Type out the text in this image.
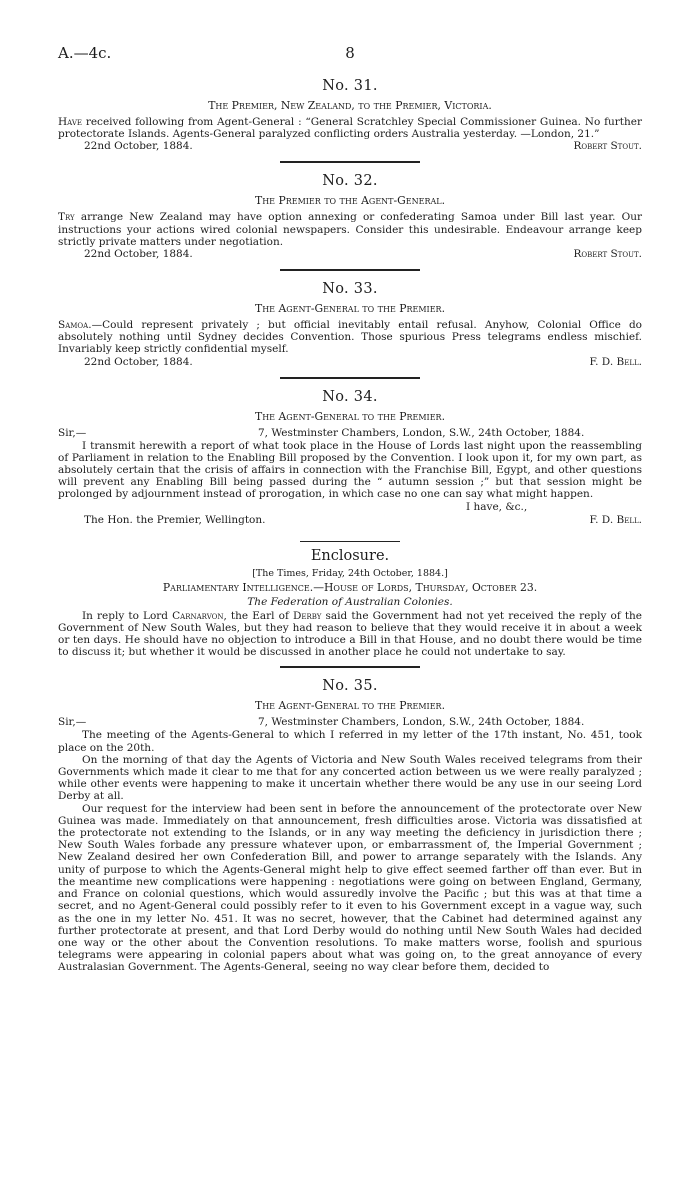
A.—4c.	8
No. 31.
The Premier, New Zealand, to the Premier, Victoria.

Have received following from Agent-General : “General Scratchley Special Commissioner Guinea. No further protectorate Islands. Agents-General paralyzed conflicting orders Australia yesterday. —London, 21.”

22nd October, 1884.	Robert Stout.
No. 32.
The Premier to the Agent-General.

Try arrange New Zealand may have option annexing or confederating Samoa under Bill last year. Our instructions your actions wired colonial newspapers. Consider this undesirable. Endeavour arrange keep strictly private matters under negotiation.

22nd October, 1884.	Robert Stout.
No. 33.
The Agent-General to the Premier.

Samoa.—Could represent privately ; but official inevitably entail refusal. Anyhow, Colonial Office do absolutely nothing until Sydney decides Convention. Those spurious Press telegrams endless mischief. Invariably keep strictly confidential myself.

22nd October, 1884.	F. D. Bell.
No. 34.
The Agent-General to the Premier.
Sir,—	7, Westminster Chambers, London, S.W., 24th October, 1884.

I transmit herewith a report of what took place in the House of Lords last night upon the reassembling of Parliament in relation to the Enabling Bill proposed by the Convention. I look upon it, for my own part, as absolutely certain that the crisis of affairs in connection with the Franchise Bill, Egypt, and other questions will prevent any Enabling Bill being passed during the “ autumn session ;” but that session might be prolonged by adjournment instead of prorogation, in which case no one can say what might happen.

I have, &c.,
The Hon. the Premier, Wellington.	F. D. Bell.
Enclosure.
[The Times, Friday, 24th October, 1884.]
Parliamentary Intelligence.—House of Lords, Thursday, October 23.
The Federation of Australian Colonies.

In reply to Lord Carnarvon, the Earl of Derby said the Government had not yet received the reply of the Government of New South Wales, but they had reason to believe that they would receive it in about a week or ten days. He should have no objection to introduce a Bill in that House, and no doubt there would be time to discuss it; but whether it would be discussed in another place he could not undertake to say.

No. 35.
The Agent-General to the Premier.
Sir,—	7, Westminster Chambers, London, S.W., 24th October, 1884.

The meeting of the Agents-General to which I referred in my letter of the 17th instant, No. 451, took place on the 20th.

On the morning of that day the Agents of Victoria and New South Wales received telegrams from their Governments which made it clear to me that for any concerted action between us we were really paralyzed ; while other events were happening to make it uncertain whether there would be any use in our seeing Lord Derby at all.

Our request for the interview had been sent in before the announcement of the protectorate over New Guinea was made. Immediately on that announcement, fresh difficulties arose. Victoria was dissatisfied at the protectorate not extending to the Islands, or in any way meeting the deficiency in jurisdiction there ; New South Wales forbade any pressure whatever upon, or embarrassment of, the Imperial Government ; New Zealand desired her own Confederation Bill, and power to arrange separately with the Islands. Any unity of purpose to which the Agents-General might help to give effect seemed farther off than ever. But in the meantime new complications were happening : negotiations were going on between England, Germany, and France on colonial questions, which would assuredly involve the Pacific ; but this was at that time a secret, and no Agent-General could possibly refer to it even to his Government except in a vague way, such as the one in my letter No. 451. It was no secret, however, that the Cabinet had determined against any further protectorate at present, and that Lord Derby would do nothing until New South Wales had decided one way or the other about the Convention resolutions. To make matters worse, foolish and spurious telegrams were appearing in colonial papers about what was going on, to the great annoyance of every Australasian Government. The Agents-General, seeing no way clear before them, decided to
